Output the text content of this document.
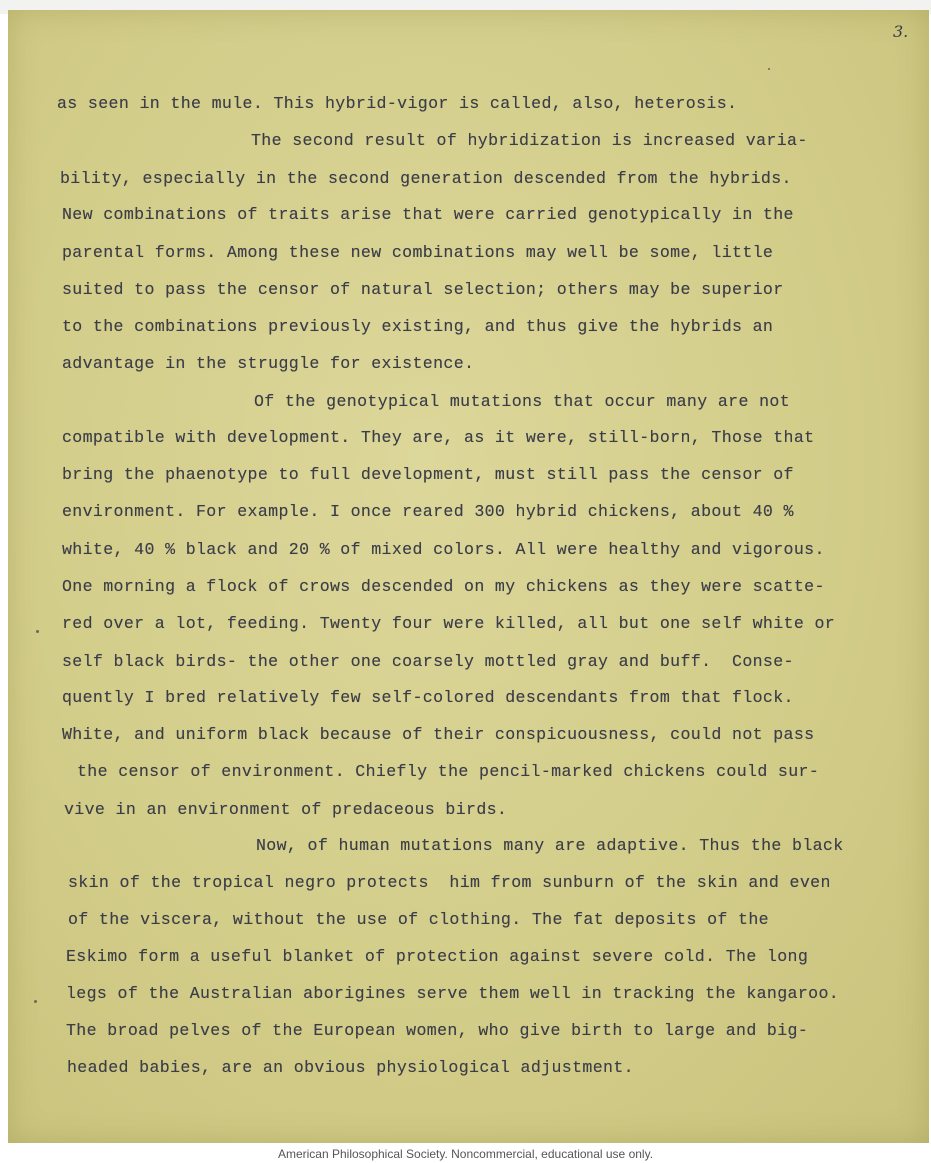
3.

as seen in the mule. This hybrid-vigor is called, also, heterosis.

The second result of hybridization is increased varia-

bility, especially in the second generation descended from the hybrids.

New combinations of traits arise that were carried genotypically in the

parental forms. Among these new combinations may well be some, little

suited to pass the censor of natural selection; others may be superior

to the combinations previously existing, and thus give the hybrids an

advantage in the struggle for existence.

Of the genotypical mutations that occur many are not

compatible with development. They are, as it were, still-born, Those that

bring the phaenotype to full development, must still pass the censor of

environment. For example. I once reared 300 hybrid chickens, about 40 %

white, 40 % black and 20 % of mixed colors. All were healthy and vigorous.

One morning a flock of crows descended on my chickens as they were scatte-

red over a lot, feeding. Twenty four were killed, all but one self white or

self black birds- the other one coarsely mottled gray and buff.  Conse-

quently I bred relatively few self-colored descendants from that flock.

White, and uniform black because of their conspicuousness, could not pass

the censor of environment. Chiefly the pencil-marked chickens could sur-

vive in an environment of predaceous birds.

Now, of human mutations many are adaptive. Thus the black

skin of the tropical negro protects  him from sunburn of the skin and even

of the viscera, without the use of clothing. The fat deposits of the

Eskimo form a useful blanket of protection against severe cold. The long

legs of the Australian aborigines serve them well in tracking the kangaroo.

The broad pelves of the European women, who give birth to large and big-

headed babies, are an obvious physiological adjustment.

American Philosophical Society. Noncommercial, educational use only.
